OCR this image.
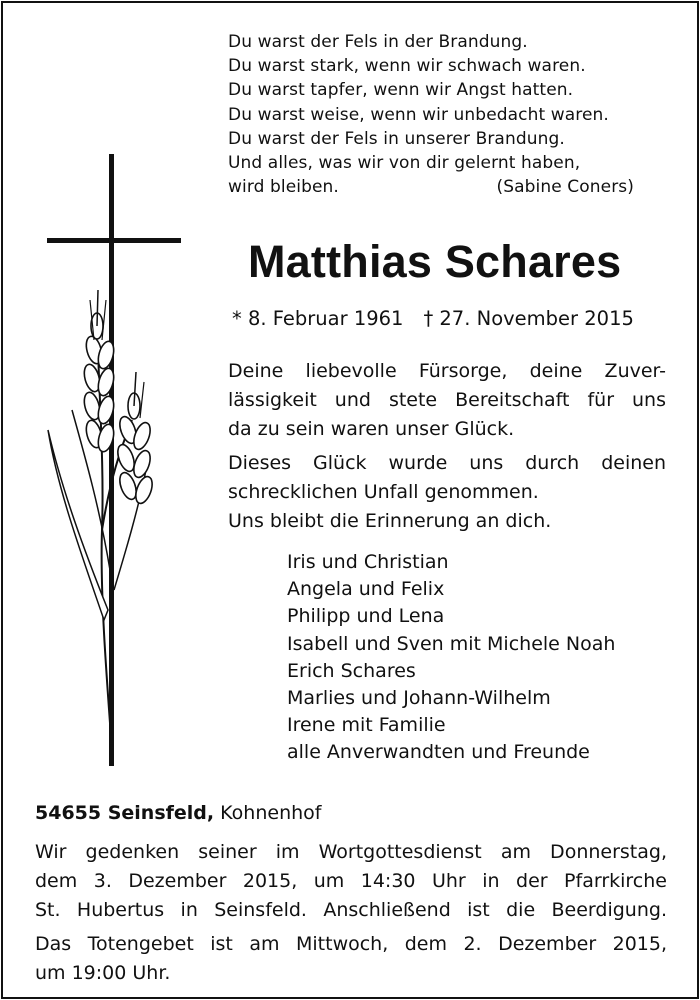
Du warst der Fels in der Brandung.
Du warst stark, wenn wir schwach waren.
Du warst tapfer, wenn wir Angst hatten.
Du warst weise, wenn wir unbedacht waren.
Du warst der Fels in unserer Brandung.
Und alles, was wir von dir gelernt haben,
wird bleiben.	(Sabine Coners)
Matthias Schares
* 8. Februar 1961 † 27. November 2015
Deine liebevolle Fürsorge, deine Zuver-
lässigkeit und stete Bereitschaft für uns
da zu sein waren unser Glück.
Dieses Glück wurde uns durch deinen
schrecklichen Unfall genommen.
Uns bleibt die Erinnerung an dich.
Iris und Christian
Angela und Felix
Philipp und Lena
Isabell und Sven mit Michele Noah
Erich Schares
Marlies und Johann-Wilhelm
Irene mit Familie
alle Anverwandten und Freunde
54655 Seinsfeld, Kohnenhof
Wir gedenken seiner im Wortgottesdienst am Donnerstag,
dem 3. Dezember 2015, um 14:30 Uhr in der Pfarrkirche
St. Hubertus in Seinsfeld. Anschließend ist die Beerdigung.
Das Totengebet ist am Mittwoch, dem 2. Dezember 2015,
um 19:00 Uhr.
